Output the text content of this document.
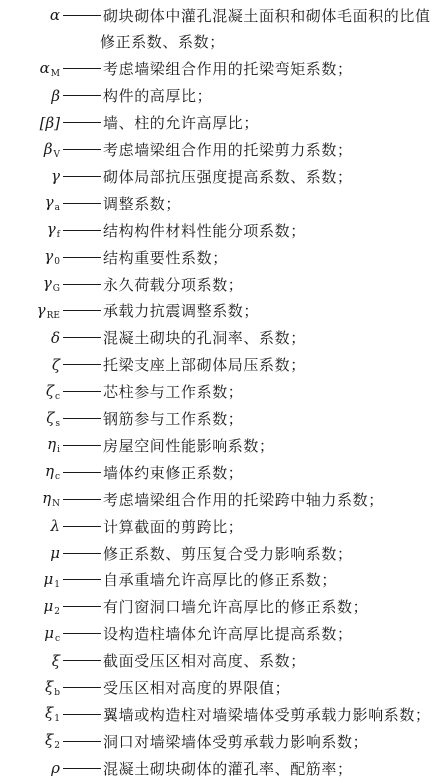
α	砌块砌体中灌孔混凝土面积和砌体毛面积的比值
修正系数、系数；
$\alpha_M$	考虑墙梁组合作用的托梁弯矩系数；
β	构件的高厚比；
[β]	墙、柱的允许高厚比；
$\beta_V$	考虑墙梁组合作用的托梁剪力系数；
γ	砌体局部抗压强度提高系数、系数；
$\gamma_a$	调整系数；
$\gamma_f$	结构构件材料性能分项系数；
$\gamma_0$	结构重要性系数；
$\gamma_G$	永久荷载分项系数；
$\gamma_{RE}$	承载力抗震调整系数；
δ	混凝土砌块的孔洞率、系数；
ζ	托梁支座上部砌体局压系数；
$\zeta_c$	芯柱参与工作系数；
$\zeta_s$	钢筋参与工作系数；
$\eta_i$	房屋空间性能影响系数；
$\eta_c$	墙体约束修正系数；
$\eta_N$	考虑墙梁组合作用的托梁跨中轴力系数；
λ	计算截面的剪跨比；
μ	修正系数、剪压复合受力影响系数；
$\mu_1$	自承重墙允许高厚比的修正系数；
$\mu_2$	有门窗洞口墙允许高厚比的修正系数；
$\mu_c$	设构造柱墙体允许高厚比提高系数；
ξ	截面受压区相对高度、系数；
$\xi_b$	受压区相对高度的界限值；
$\xi_1$	翼墙或构造柱对墙梁墙体受剪承载力影响系数；
$\xi_2$	洞口对墙梁墙体受剪承载力影响系数；
ρ	混凝土砌块砌体的灌孔率、配筋率；
